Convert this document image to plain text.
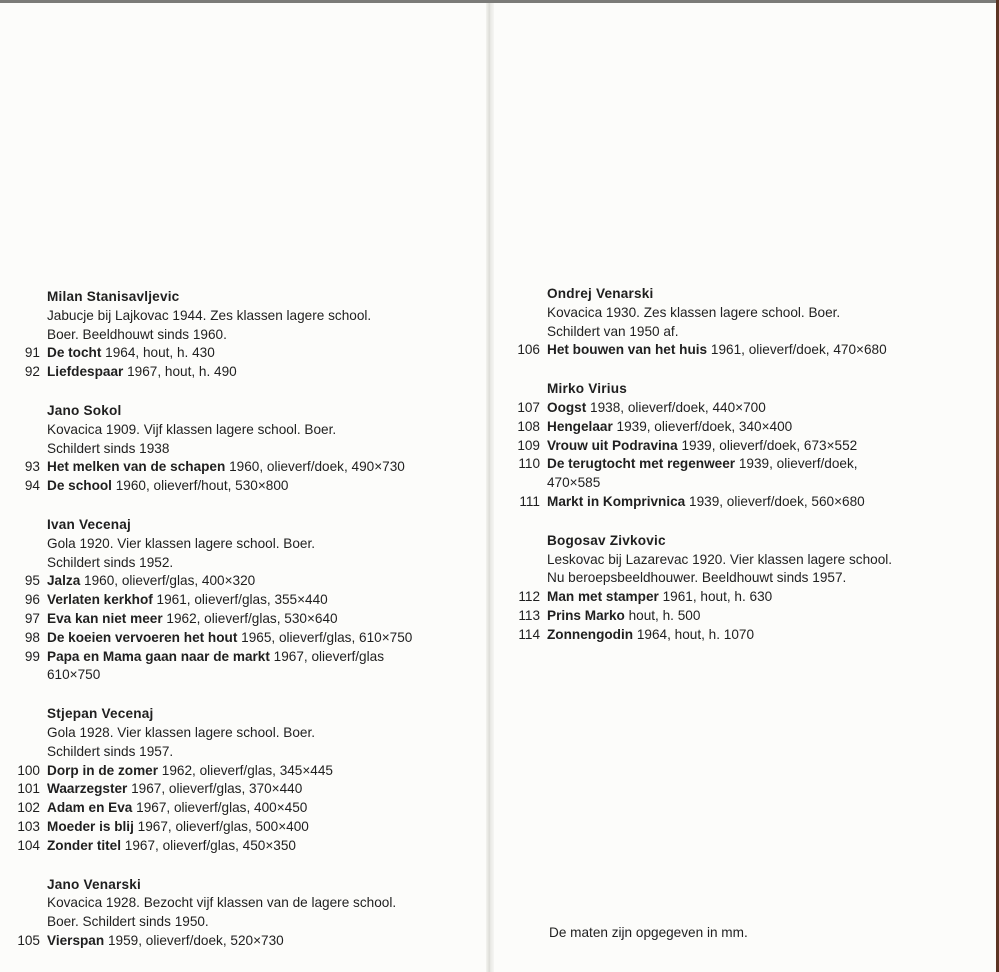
Milan Stanisavljevic
Jabucje bij Lajkovac 1944. Zes klassen lagere school.
Boer. Beeldhouwt sinds 1960.
91 De tocht 1964, hout, h. 430
92 Liefdespaar 1967, hout, h. 490
Jano Sokol
Kovacica 1909. Vijf klassen lagere school. Boer.
Schildert sinds 1938
93 Het melken van de schapen 1960, olieverf/doek, 490×730
94 De school 1960, olieverf/hout, 530×800
Ivan Vecenaj
Gola 1920. Vier klassen lagere school. Boer.
Schildert sinds 1952.
95 Jalza 1960, olieverf/glas, 400×320
96 Verlaten kerkhof 1961, olieverf/glas, 355×440
97 Eva kan niet meer 1962, olieverf/glas, 530×640
98 De koeien vervoeren het hout 1965, olieverf/glas, 610×750
99 Papa en Mama gaan naar de markt 1967, olieverf/glas
610×750
Stjepan Vecenaj
Gola 1928. Vier klassen lagere school. Boer.
Schildert sinds 1957.
100 Dorp in de zomer 1962, olieverf/glas, 345×445
101 Waarzegster 1967, olieverf/glas, 370×440
102 Adam en Eva 1967, olieverf/glas, 400×450
103 Moeder is blij 1967, olieverf/glas, 500×400
104 Zonder titel 1967, olieverf/glas, 450×350
Jano Venarski
Kovacica 1928. Bezocht vijf klassen van de lagere school.
Boer. Schildert sinds 1950.
105 Vierspan 1959, olieverf/doek, 520×730
Ondrej Venarski
Kovacica 1930. Zes klassen lagere school. Boer.
Schildert van 1950 af.
106 Het bouwen van het huis 1961, olieverf/doek, 470×680
Mirko Virius
107 Oogst 1938, olieverf/doek, 440×700
108 Hengelaar 1939, olieverf/doek, 340×400
109 Vrouw uit Podravina 1939, olieverf/doek, 673×552
110 De terugtocht met regenweer 1939, olieverf/doek,
470×585
111 Markt in Komprivnica 1939, olieverf/doek, 560×680
Bogosav Zivkovic
Leskovac bij Lazarevac 1920. Vier klassen lagere school.
Nu beroepsbeeldhouwer. Beeldhouwt sinds 1957.
112 Man met stamper 1961, hout, h. 630
113 Prins Marko hout, h. 500
114 Zonnengodin 1964, hout, h. 1070
De maten zijn opgegeven in mm.
